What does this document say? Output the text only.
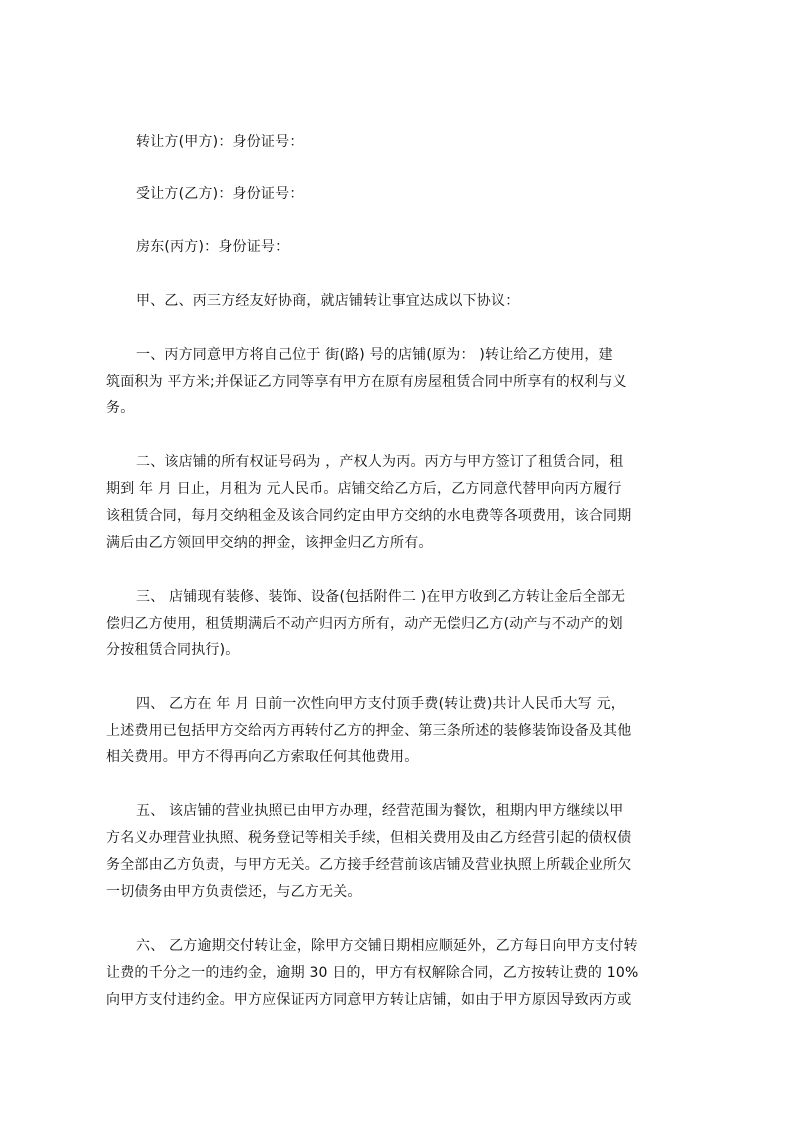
转让方(甲方)：身份证号：
受让方(乙方)：身份证号：
房东(丙方)：身份证号：
甲、乙、丙三方经友好协商，就店铺转让事宜达成以下协议：
一、丙方同意甲方将自己位于 街(路) 号的店铺(原为： )转让给乙方使用，建
筑面积为 平方米;并保证乙方同等享有甲方在原有房屋租赁合同中所享有的权利与义
务。
二、该店铺的所有权证号码为 ，产权人为丙。丙方与甲方签订了租赁合同，租
期到 年 月 日止，月租为 元人民币。店铺交给乙方后，乙方同意代替甲向丙方履行
该租赁合同，每月交纳租金及该合同约定由甲方交纳的水电费等各项费用，该合同期
满后由乙方领回甲交纳的押金，该押金归乙方所有。
三、 店铺现有装修、装饰、设备(包括附件二 )在甲方收到乙方转让金后全部无
偿归乙方使用，租赁期满后不动产归丙方所有，动产无偿归乙方(动产与不动产的划
分按租赁合同执行)。
四、 乙方在 年 月 日前一次性向甲方支付顶手费(转让费)共计人民币大写 元，
上述费用已包括甲方交给丙方再转付乙方的押金、第三条所述的装修装饰设备及其他
相关费用。甲方不得再向乙方索取任何其他费用。
五、 该店铺的营业执照已由甲方办理，经营范围为餐饮，租期内甲方继续以甲
方名义办理营业执照、税务登记等相关手续，但相关费用及由乙方经营引起的债权债
务全部由乙方负责，与甲方无关。乙方接手经营前该店铺及营业执照上所载企业所欠
一切债务由甲方负责偿还，与乙方无关。
六、 乙方逾期交付转让金，除甲方交铺日期相应顺延外，乙方每日向甲方支付转
让费的千分之一的违约金，逾期 30 日的，甲方有权解除合同，乙方按转让费的 10%
向甲方支付违约金。甲方应保证丙方同意甲方转让店铺，如由于甲方原因导致丙方或
